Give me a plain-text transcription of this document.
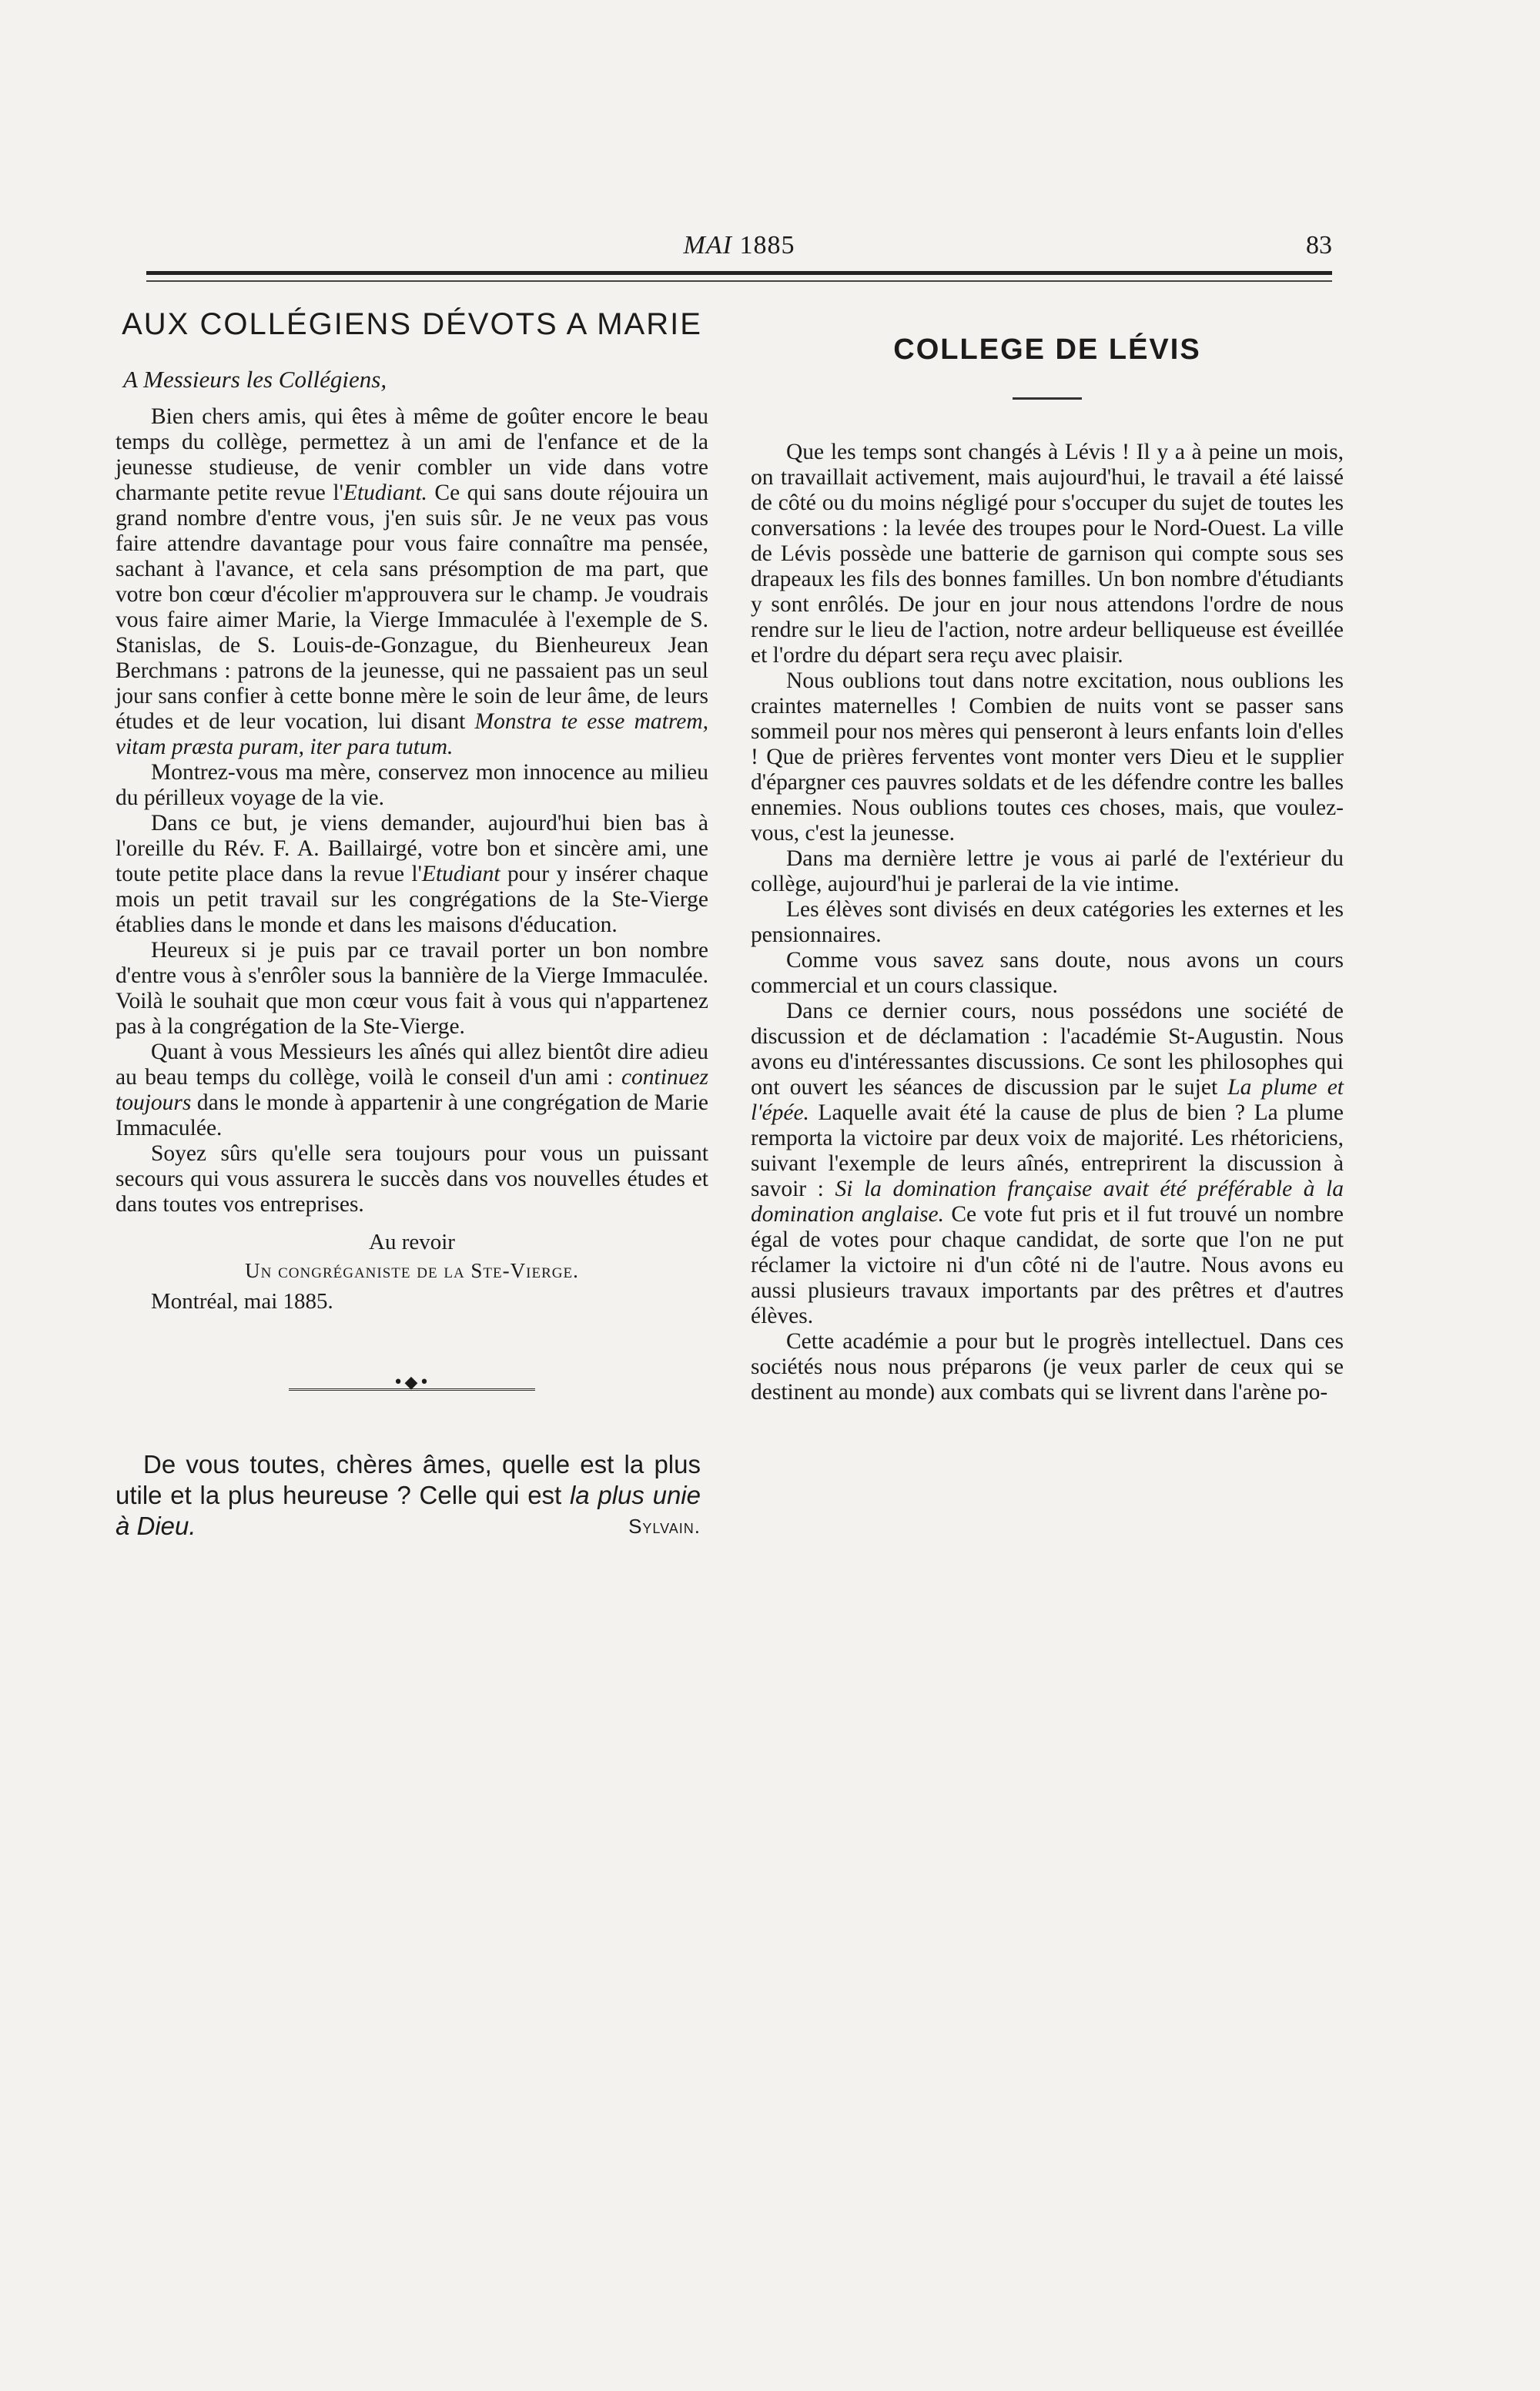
MAI 1885	83
AUX COLLÉGIENS DÉVOTS A MARIE
A Messieurs les Collégiens,

Bien chers amis, qui êtes à même de goûter encore le beau temps du collège, permettez à un ami de l'enfance et de la jeunesse studieuse, de venir combler un vide dans votre charmante petite revue l'Etudiant. Ce qui sans doute réjouira un grand nombre d'entre vous, j'en suis sûr. Je ne veux pas vous faire attendre davantage pour vous faire connaître ma pensée, sachant à l'avance, et cela sans présomption de ma part, que votre bon cœur d'écolier m'approuvera sur le champ. Je voudrais vous faire aimer Marie, la Vierge Immaculée à l'exemple de S. Stanislas, de S. Louis-de-Gonzague, du Bienheureux Jean Berchmans : patrons de la jeunesse, qui ne passaient pas un seul jour sans confier à cette bonne mère le soin de leur âme, de leurs études et de leur vocation, lui disant Monstra te esse matrem, vitam præsta puram, iter para tutum.

Montrez-vous ma mère, conservez mon innocence au milieu du périlleux voyage de la vie.

Dans ce but, je viens demander, aujourd'hui bien bas à l'oreille du Rév. F. A. Baillairgé, votre bon et sincère ami, une toute petite place dans la revue l'Etudiant pour y insérer chaque mois un petit travail sur les congrégations de la Ste-Vierge établies dans le monde et dans les maisons d'éducation.

Heureux si je puis par ce travail porter un bon nombre d'entre vous à s'enrôler sous la bannière de la Vierge Immaculée. Voilà le souhait que mon cœur vous fait à vous qui n'appartenez pas à la congrégation de la Ste-Vierge.

Quant à vous Messieurs les aînés qui allez bientôt dire adieu au beau temps du collège, voilà le conseil d'un ami : continuez toujours dans le monde à appartenir à une congrégation de Marie Immaculée.

Soyez sûrs qu'elle sera toujours pour vous un puissant secours qui vous assurera le succès dans vos nouvelles études et dans toutes vos entreprises.

Au revoir
Un congréganiste de la Ste-Vierge.
Montréal, mai 1885.
•◆•

De vous toutes, chères âmes, quelle est la plus utile et la plus heureuse ? Celle qui est la plus unie à Dieu.	Sylvain.

COLLEGE DE LÉVIS

Que les temps sont changés à Lévis ! Il y a à peine un mois, on travaillait activement, mais aujourd'hui, le travail a été laissé de côté ou du moins négligé pour s'occuper du sujet de toutes les conversations : la levée des troupes pour le Nord-Ouest. La ville de Lévis possède une batterie de garnison qui compte sous ses drapeaux les fils des bonnes familles. Un bon nombre d'étudiants y sont enrôlés. De jour en jour nous attendons l'ordre de nous rendre sur le lieu de l'action, notre ardeur belliqueuse est éveillée et l'ordre du départ sera reçu avec plaisir.

Nous oublions tout dans notre excitation, nous oublions les craintes maternelles ! Combien de nuits vont se passer sans sommeil pour nos mères qui penseront à leurs enfants loin d'elles ! Que de prières ferventes vont monter vers Dieu et le supplier d'épargner ces pauvres soldats et de les défendre contre les balles ennemies. Nous oublions toutes ces choses, mais, que voulez-vous, c'est la jeunesse.

Dans ma dernière lettre je vous ai parlé de l'extérieur du collège, aujourd'hui je parlerai de la vie intime.

Les élèves sont divisés en deux catégories les externes et les pensionnaires.

Comme vous savez sans doute, nous avons un cours commercial et un cours classique.

Dans ce dernier cours, nous possédons une société de discussion et de déclamation : l'académie St-Augustin. Nous avons eu d'intéressantes discussions. Ce sont les philosophes qui ont ouvert les séances de discussion par le sujet La plume et l'épée. Laquelle avait été la cause de plus de bien ? La plume remporta la victoire par deux voix de majorité. Les rhétoriciens, suivant l'exemple de leurs aînés, entreprirent la discussion à savoir : Si la domination française avait été préférable à la domination anglaise. Ce vote fut pris et il fut trouvé un nombre égal de votes pour chaque candidat, de sorte que l'on ne put réclamer la victoire ni d'un côté ni de l'autre. Nous avons eu aussi plusieurs travaux importants par des prêtres et d'autres élèves.

Cette académie a pour but le progrès intellectuel. Dans ces sociétés nous nous préparons (je veux parler de ceux qui se destinent au monde) aux combats qui se livrent dans l'arène po-
